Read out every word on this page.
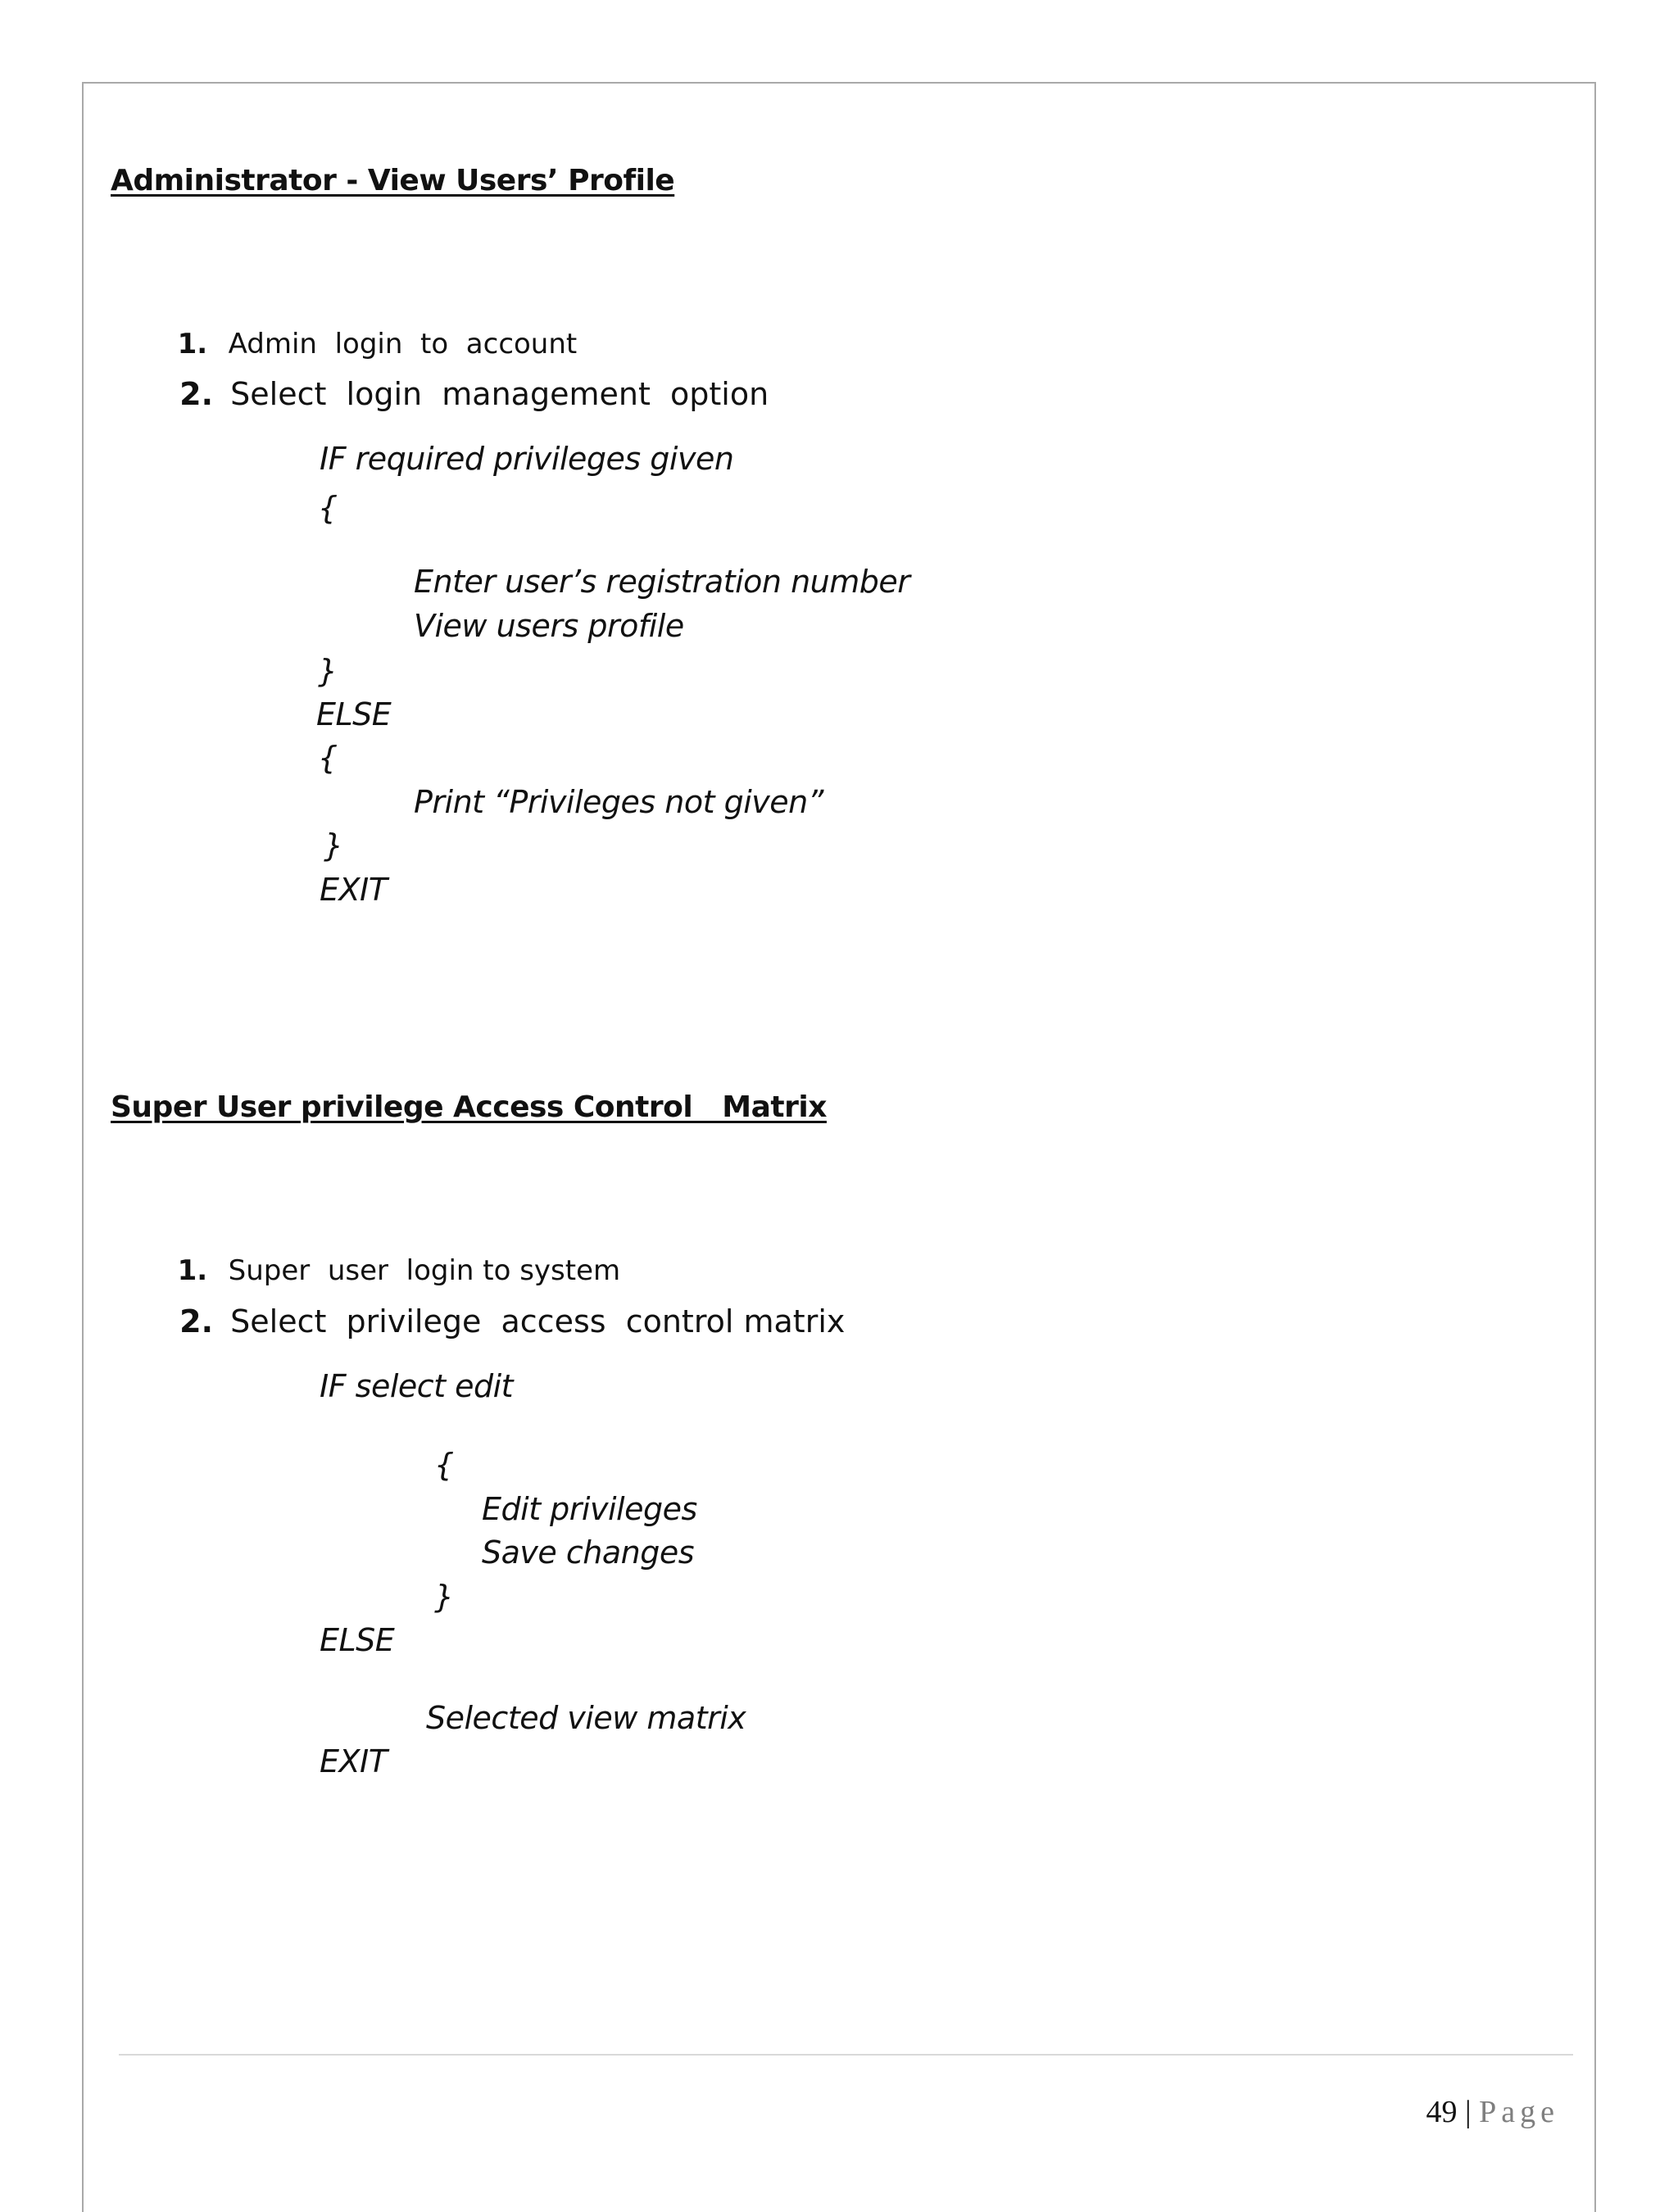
Administrator - View Users’ Profile

1. Admin  login  to  account

2. Select  login  management  option

IF required privileges given
{
Enter user’s registration number
View users profile
}
ELSE
{
Print “Privileges not given”
}
EXIT
Super User privilege Access Control   Matrix

1. Super  user  login to system

2. Select  privilege  access  control matrix

IF select edit
{
Edit privileges
Save changes
}
ELSE
Selected view matrix
EXIT

49 | Page
